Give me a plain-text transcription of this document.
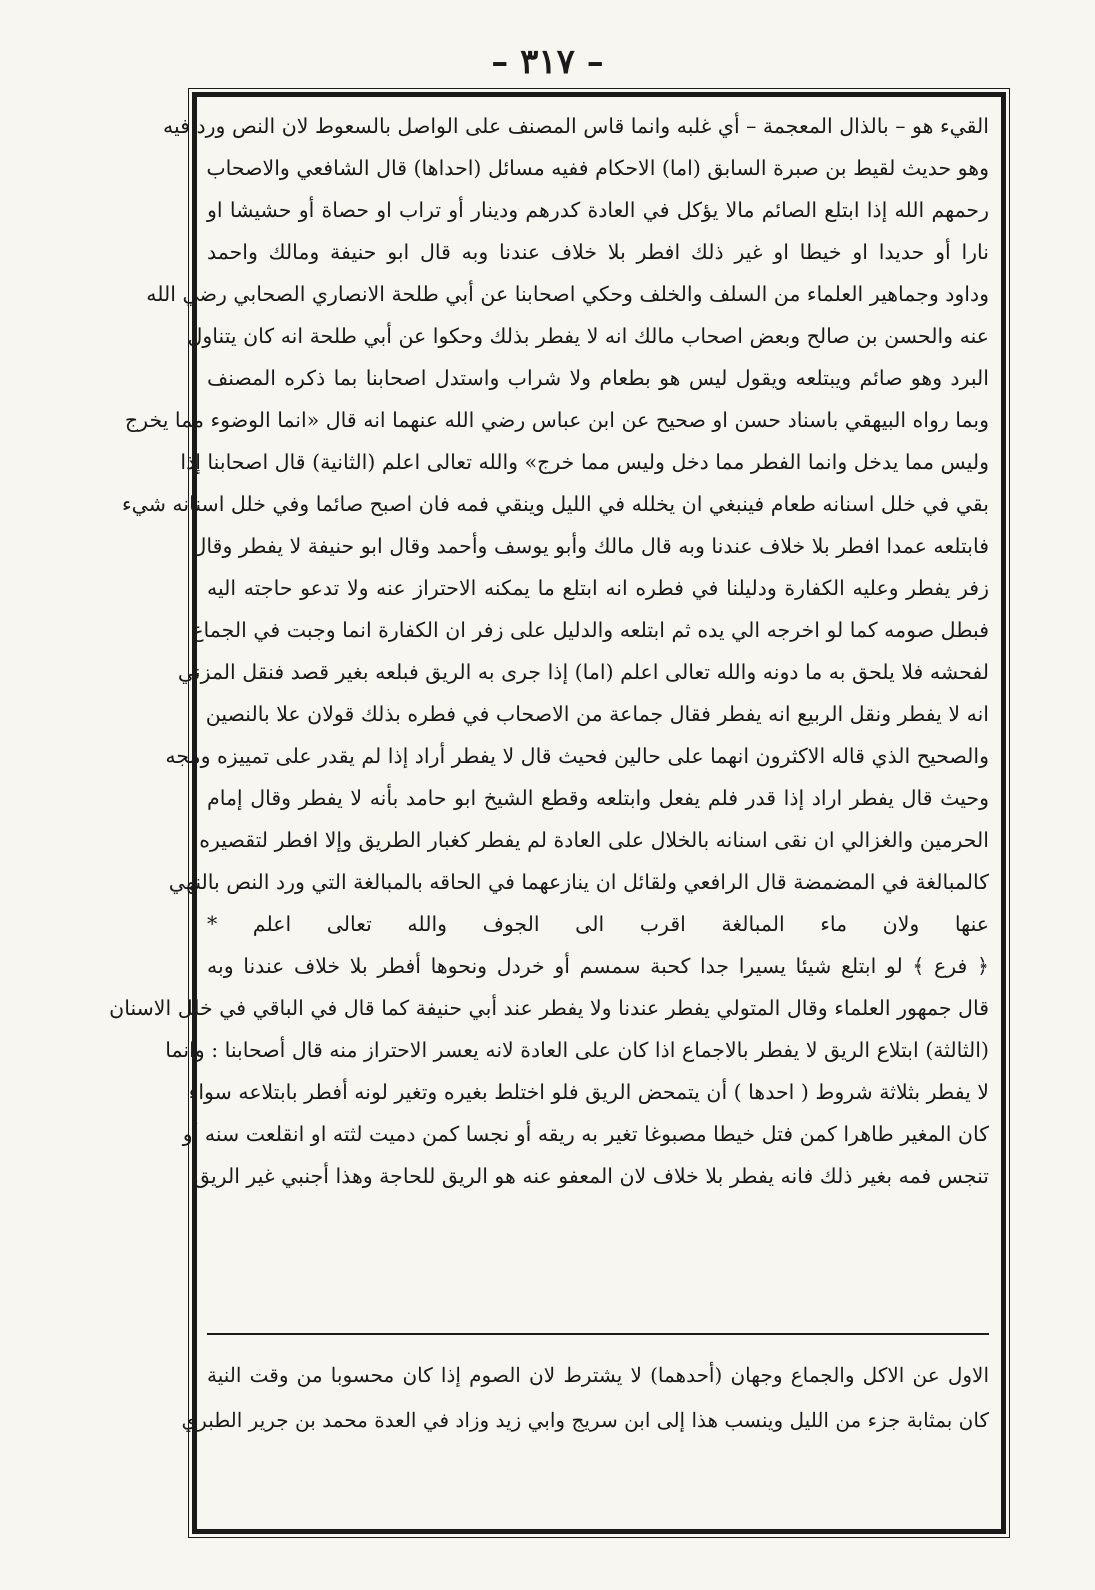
– ٣١٧ –

القيء هو – بالذال المعجمة – أي غلبه وانما قاس المصنف على الواصل بالسعوط لان النص ورد فيه

وهو حديث لقيط بن صبرة السابق (اما) الاحكام ففيه مسائل (احداها) قال الشافعي والاصحاب

رحمهم الله إذا ابتلع الصائم مالا يؤكل في العادة كدرهم ودينار أو تراب او حصاة أو حشيشا او

نارا أو حديدا او خيطا او غير ذلك افطر بلا خلاف عندنا وبه قال ابو حنيفة ومالك واحمد

وداود وجماهير العلماء من السلف والخلف وحكي اصحابنا عن أبي طلحة الانصاري الصحابي رضي الله

عنه والحسن بن صالح وبعض اصحاب مالك انه لا يفطر بذلك وحكوا عن أبي طلحة انه كان يتناول

البرد وهو صائم ويبتلعه ويقول ليس هو بطعام ولا شراب واستدل اصحابنا بما ذكره المصنف

وبما رواه البيهقي باسناد حسن او صحيح عن ابن عباس رضي الله عنهما انه قال «انما الوضوء مما يخرج

وليس مما يدخل وانما الفطر مما دخل وليس مما خرج» والله تعالى اعلم (الثانية) قال اصحابنا إذا

بقي في خلل اسنانه طعام فينبغي ان يخلله في الليل وينقي فمه فان اصبح صائما وفي خلل اسنانه شيء

فابتلعه عمدا افطر بلا خلاف عندنا وبه قال مالك وأبو يوسف وأحمد وقال ابو حنيفة لا يفطر وقال

زفر يفطر وعليه الكفارة ودليلنا في فطره انه ابتلع ما يمكنه الاحتراز عنه ولا تدعو حاجته اليه

فبطل صومه كما لو اخرجه الي يده ثم ابتلعه والدليل على زفر ان الكفارة انما وجبت في الجماع

لفحشه فلا يلحق به ما دونه والله تعالى اعلم (اما) إذا جرى به الريق فبلعه بغير قصد فنقل المزني

انه لا يفطر ونقل الربيع انه يفطر فقال جماعة من الاصحاب في فطره بذلك قولان علا بالنصين

والصحيح الذي قاله الاكثرون انهما على حالين فحيث قال لا يفطر أراد إذا لم يقدر على تمييزه ومجه

وحيث قال يفطر اراد إذا قدر فلم يفعل وابتلعه وقطع الشيخ ابو حامد بأنه لا يفطر وقال إمام

الحرمين والغزالي ان نقى اسنانه بالخلال على العادة لم يفطر كغبار الطريق وإلا افطر لتقصيره

كالمبالغة في المضمضة قال الرافعي ولقائل ان ينازعهما في الحاقه بالمبالغة التي ورد النص بالنهي

عنها ولان ماء المبالغة اقرب الى الجوف والله تعالى اعلم *

﴿ فرع ﴾ لو ابتلع شيئا يسيرا جدا كحبة سمسم أو خردل ونحوها أفطر بلا خلاف عندنا وبه

قال جمهور العلماء وقال المتولي يفطر عندنا ولا يفطر عند أبي حنيفة كما قال في الباقي في خلل الاسنان

(الثالثة) ابتلاع الريق لا يفطر بالاجماع اذا كان على العادة لانه يعسر الاحتراز منه قال أصحابنا : وانما

لا يفطر بثلاثة شروط ( احدها ) أن يتمحض الريق فلو اختلط بغيره وتغير لونه أفطر بابتلاعه سواء

كان المغير طاهرا كمن فتل خيطا مصبوغا تغير به ريقه أو نجسا كمن دميت لثته او انقلعت سنه أو

تنجس فمه بغير ذلك فانه يفطر بلا خلاف لان المعفو عنه هو الريق للحاجة وهذا أجنبي غير الريق

الاول عن الاكل والجماع وجهان (أحدهما) لا يشترط لان الصوم إذا كان محسوبا من وقت النية

كان بمثابة جزء من الليل وينسب هذا إلى ابن سريج وابي زيد وزاد في العدة محمد بن جرير الطبري
